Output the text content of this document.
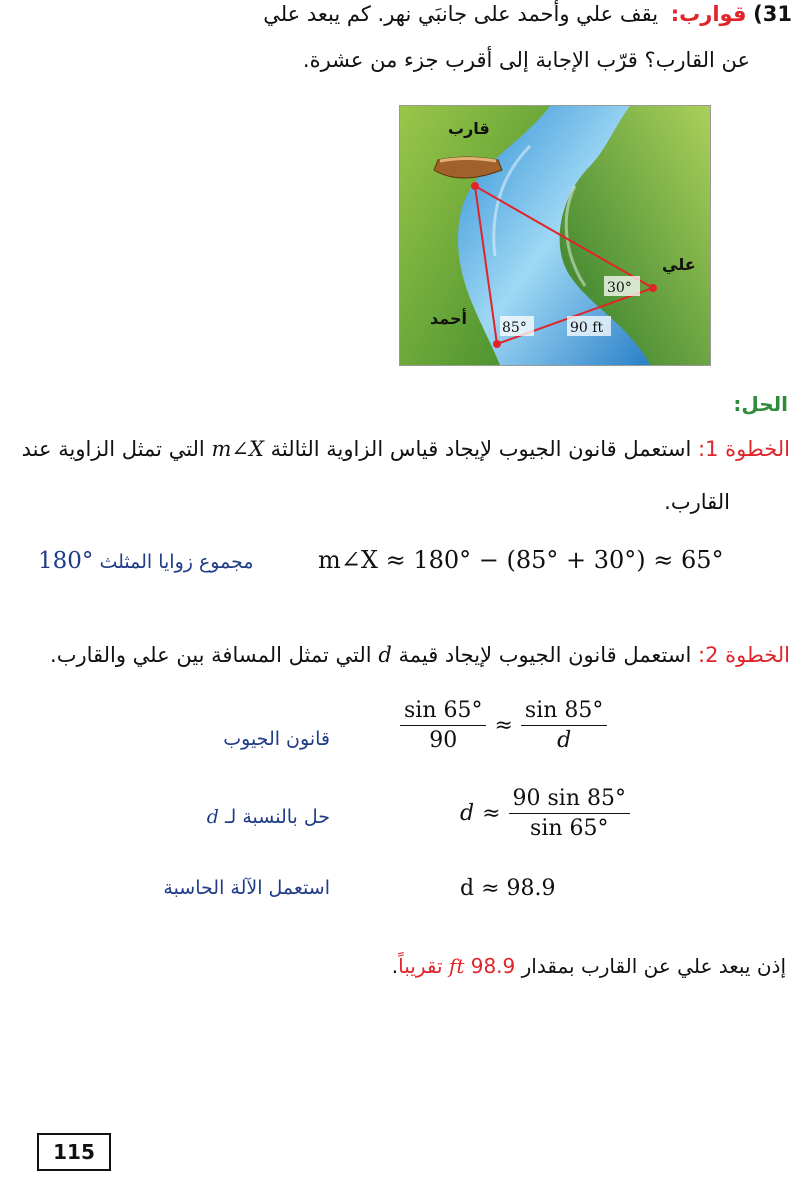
31) قوارب: يقف علي وأحمد على جانبَي نهر. كم يبعد علي
عن القارب؟ قرّب الإجابة إلى أقرب جزء من عشرة.
قارب
علي
أحمد
30°
85°	90 ft
الحل:
الخطوة 1: استعمل قانون الجيوب لإيجاد قياس الزاوية الثالثة m∠X التي تمثل الزاوية عند
القارب.
m∠X ≈ 180° − (85° + 30°) ≈ 65°
مجموع زوايا المثلث 180°
الخطوة 2: استعمل قانون الجيوب لإيجاد قيمة d التي تمثل المسافة بين علي والقارب.
$\frac{\sin 65^\circ}{90} \approx \frac{\sin 85^\circ}{d}$
قانون الجيوب
$d \approx \frac{90 \sin 85^\circ}{\sin 65^\circ}$
حل بالنسبة لـ d
d ≈ 98.9
استعمل الآلة الحاسبة
إذن يبعد علي عن القارب بمقدار 98.9 ft تقريباً.
115
